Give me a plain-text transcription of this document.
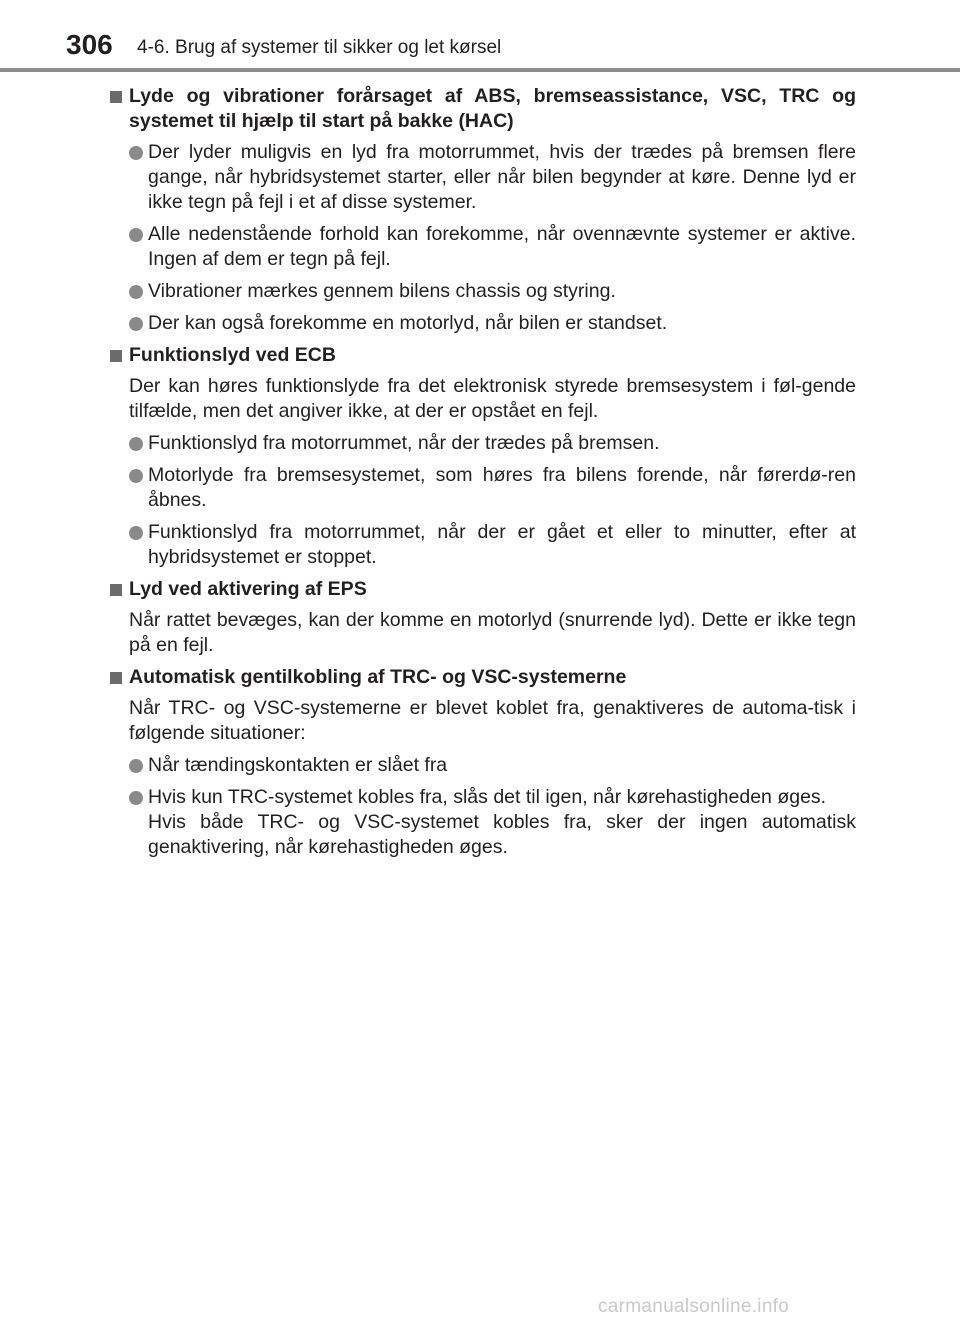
306 4-6. Brug af systemer til sikker og let kørsel
Lyde og vibrationer forårsaget af ABS, bremseassistance, VSC, TRC og systemet til hjælp til start på bakke (HAC)
Der lyder muligvis en lyd fra motorrummet, hvis der trædes på bremsen flere gange, når hybridsystemet starter, eller når bilen begynder at køre. Denne lyd er ikke tegn på fejl i et af disse systemer.
Alle nedenstående forhold kan forekomme, når ovennævnte systemer er aktive. Ingen af dem er tegn på fejl.
Vibrationer mærkes gennem bilens chassis og styring.
Der kan også forekomme en motorlyd, når bilen er standset.
Funktionslyd ved ECB
Der kan høres funktionslyde fra det elektronisk styrede bremsesystem i føl-gende tilfælde, men det angiver ikke, at der er opstået en fejl.
Funktionslyd fra motorrummet, når der trædes på bremsen.
Motorlyde fra bremsesystemet, som høres fra bilens forende, når førerdø-ren åbnes.
Funktionslyd fra motorrummet, når der er gået et eller to minutter, efter at hybridsystemet er stoppet.
Lyd ved aktivering af EPS
Når rattet bevæges, kan der komme en motorlyd (snurrende lyd). Dette er ikke tegn på en fejl.
Automatisk gentilkobling af TRC- og VSC-systemerne
Når TRC- og VSC-systemerne er blevet koblet fra, genaktiveres de automa-tisk i følgende situationer:
Når tændingskontakten er slået fra
Hvis kun TRC-systemet kobles fra, slås det til igen, når kørehastigheden øges.
Hvis både TRC- og VSC-systemet kobles fra, sker der ingen automatisk genaktivering, når kørehastigheden øges.
carmanualsonline.info
